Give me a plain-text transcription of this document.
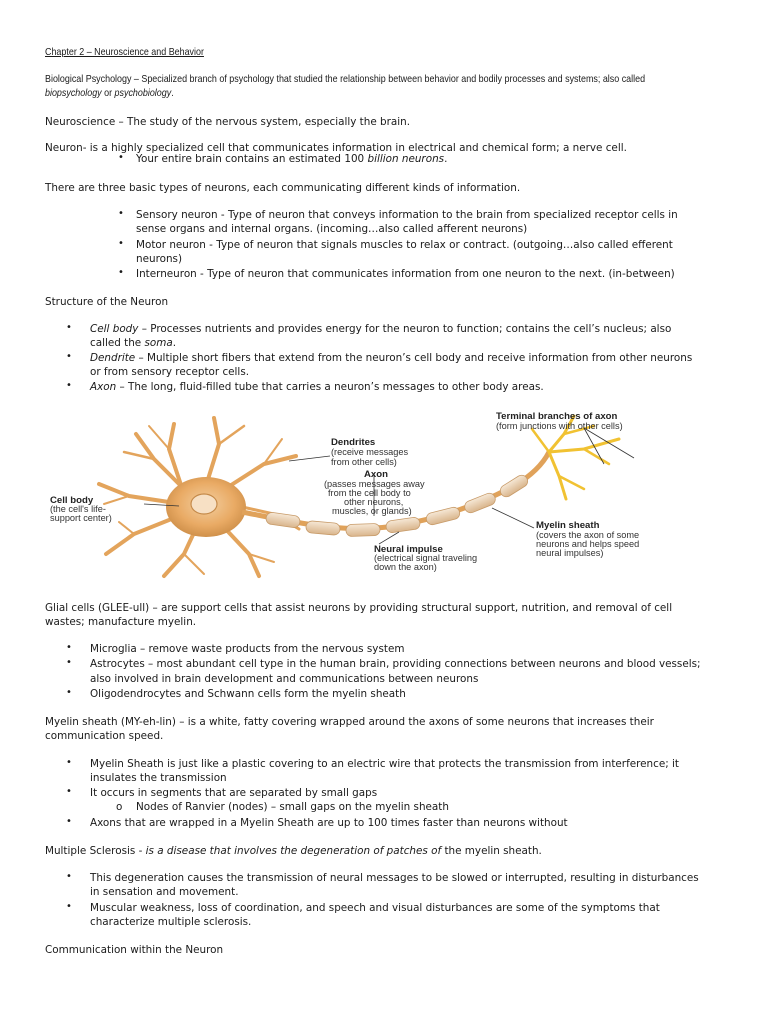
Chapter 2 – Neuroscience and Behavior
Biological Psychology – Specialized branch of psychology that studied the relationship between behavior and bodily processes and systems; also called
biopsychology or psychobiology.
Neuroscience – The study of the nervous system, especially the brain.
Neuron- is a highly specialized cell that communicates information in electrical and chemical form; a nerve cell.
• Your entire brain contains an estimated 100 billion neurons.
There are three basic types of neurons, each communicating different kinds of information.
• Sensory neuron - Type of neuron that conveys information to the brain from specialized receptor cells in
sense organs and internal organs. (incoming…also called afferent neurons)
• Motor neuron - Type of neuron that signals muscles to relax or contract. (outgoing…also called efferent
neurons)
• Interneuron - Type of neuron that communicates information from one neuron to the next. (in-between)
Structure of the Neuron
• Cell body – Processes nutrients and provides energy for the neuron to function; contains the cell’s nucleus; also
called the soma.
• Dendrite – Multiple short fibers that extend from the neuron’s cell body and receive information from other neurons
or from sensory receptor cells.
• Axon – The long, fluid-filled tube that carries a neuron’s messages to other body areas.
Terminal branches of axon
(form junctions with other cells)
Dendrites
(receive messages
from other cells)
Axon
(passes messages away
from the cell body to
other neurons,
muscles, or glands)
Cell body
(the cell's life-
support center)
Myelin sheath
(covers the axon of some
neurons and helps speed
neural impulses)
Neural impulse
(electrical signal traveling
down the axon)
Glial cells (GLEE-ull) – are support cells that assist neurons by providing structural support, nutrition, and removal of cell
wastes; manufacture myelin.
• Microglia – remove waste products from the nervous system
• Astrocytes – most abundant cell type in the human brain, providing connections between neurons and blood vessels;
also involved in brain development and communications between neurons
• Oligodendrocytes and Schwann cells form the myelin sheath
Myelin sheath (MY-eh-lin) – is a white, fatty covering wrapped around the axons of some neurons that increases their
communication speed.
• Myelin Sheath is just like a plastic covering to an electric wire that protects the transmission from interference; it
insulates the transmission
• It occurs in segments that are separated by small gaps
o Nodes of Ranvier (nodes) – small gaps on the myelin sheath
• Axons that are wrapped in a Myelin Sheath are up to 100 times faster than neurons without
Multiple Sclerosis - is a disease that involves the degeneration of patches of the myelin sheath.
• This degeneration causes the transmission of neural messages to be slowed or interrupted, resulting in disturbances
in sensation and movement.
• Muscular weakness, loss of coordination, and speech and visual disturbances are some of the symptoms that
characterize multiple sclerosis.
Communication within the Neuron
